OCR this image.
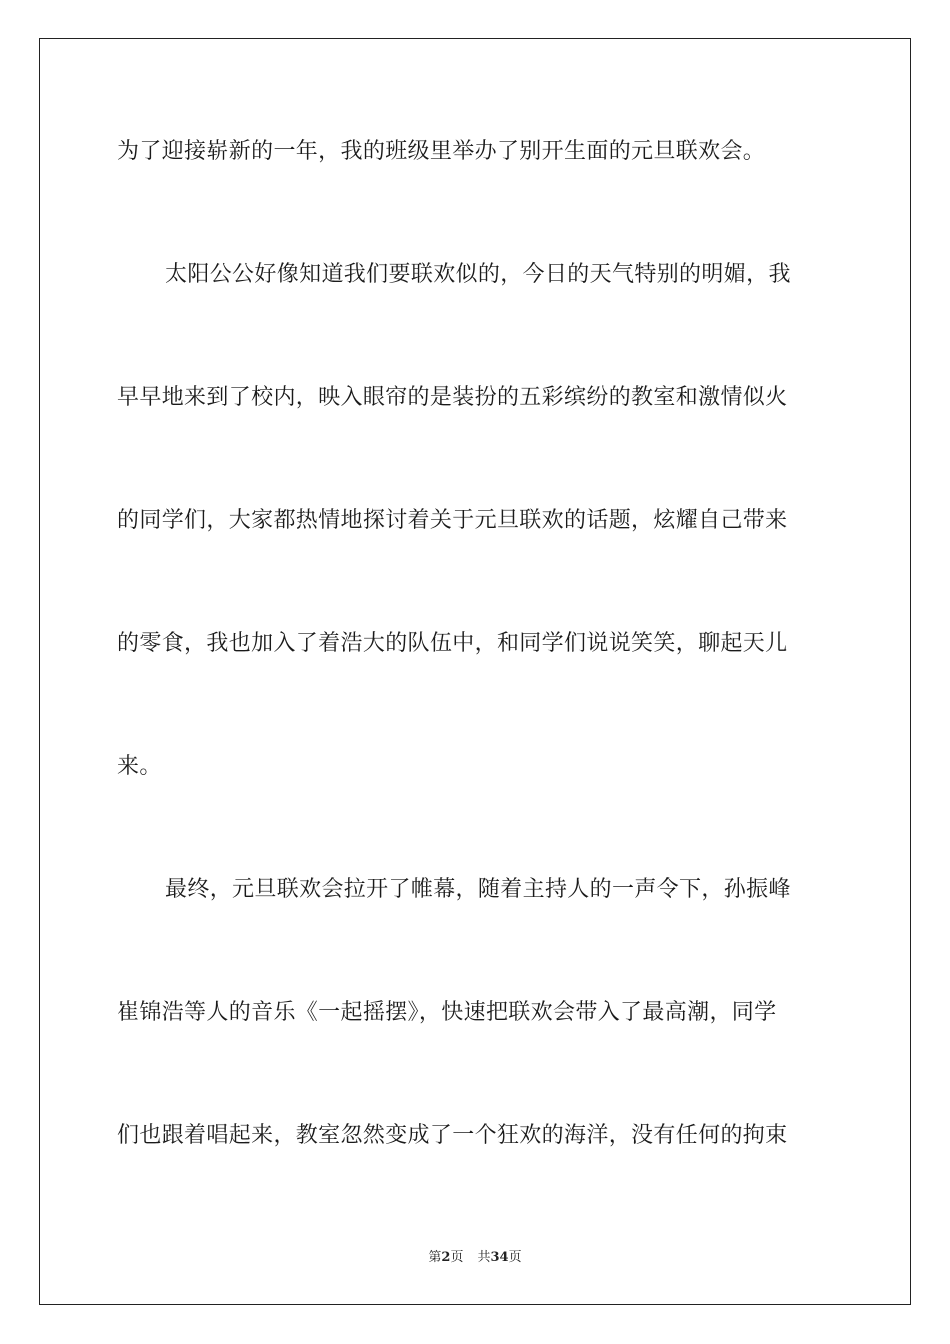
为了迎接崭新的一年，我的班级里举办了别开生面的元旦联欢会。
太阳公公好像知道我们要联欢似的，今日的天气特别的明媚，我
早早地来到了校内，映入眼帘的是装扮的五彩缤纷的教室和激情似火
的同学们，大家都热情地探讨着关于元旦联欢的话题，炫耀自己带来
的零食，我也加入了着浩大的队伍中，和同学们说说笑笑，聊起天儿
来。
最终，元旦联欢会拉开了帷幕，随着主持人的一声令下，孙振峰
崔锦浩等人的音乐《一起摇摆》，快速把联欢会带入了最高潮，同学
们也跟着唱起来，教室忽然变成了一个狂欢的海洋，没有任何的拘束
第2页 共34页
